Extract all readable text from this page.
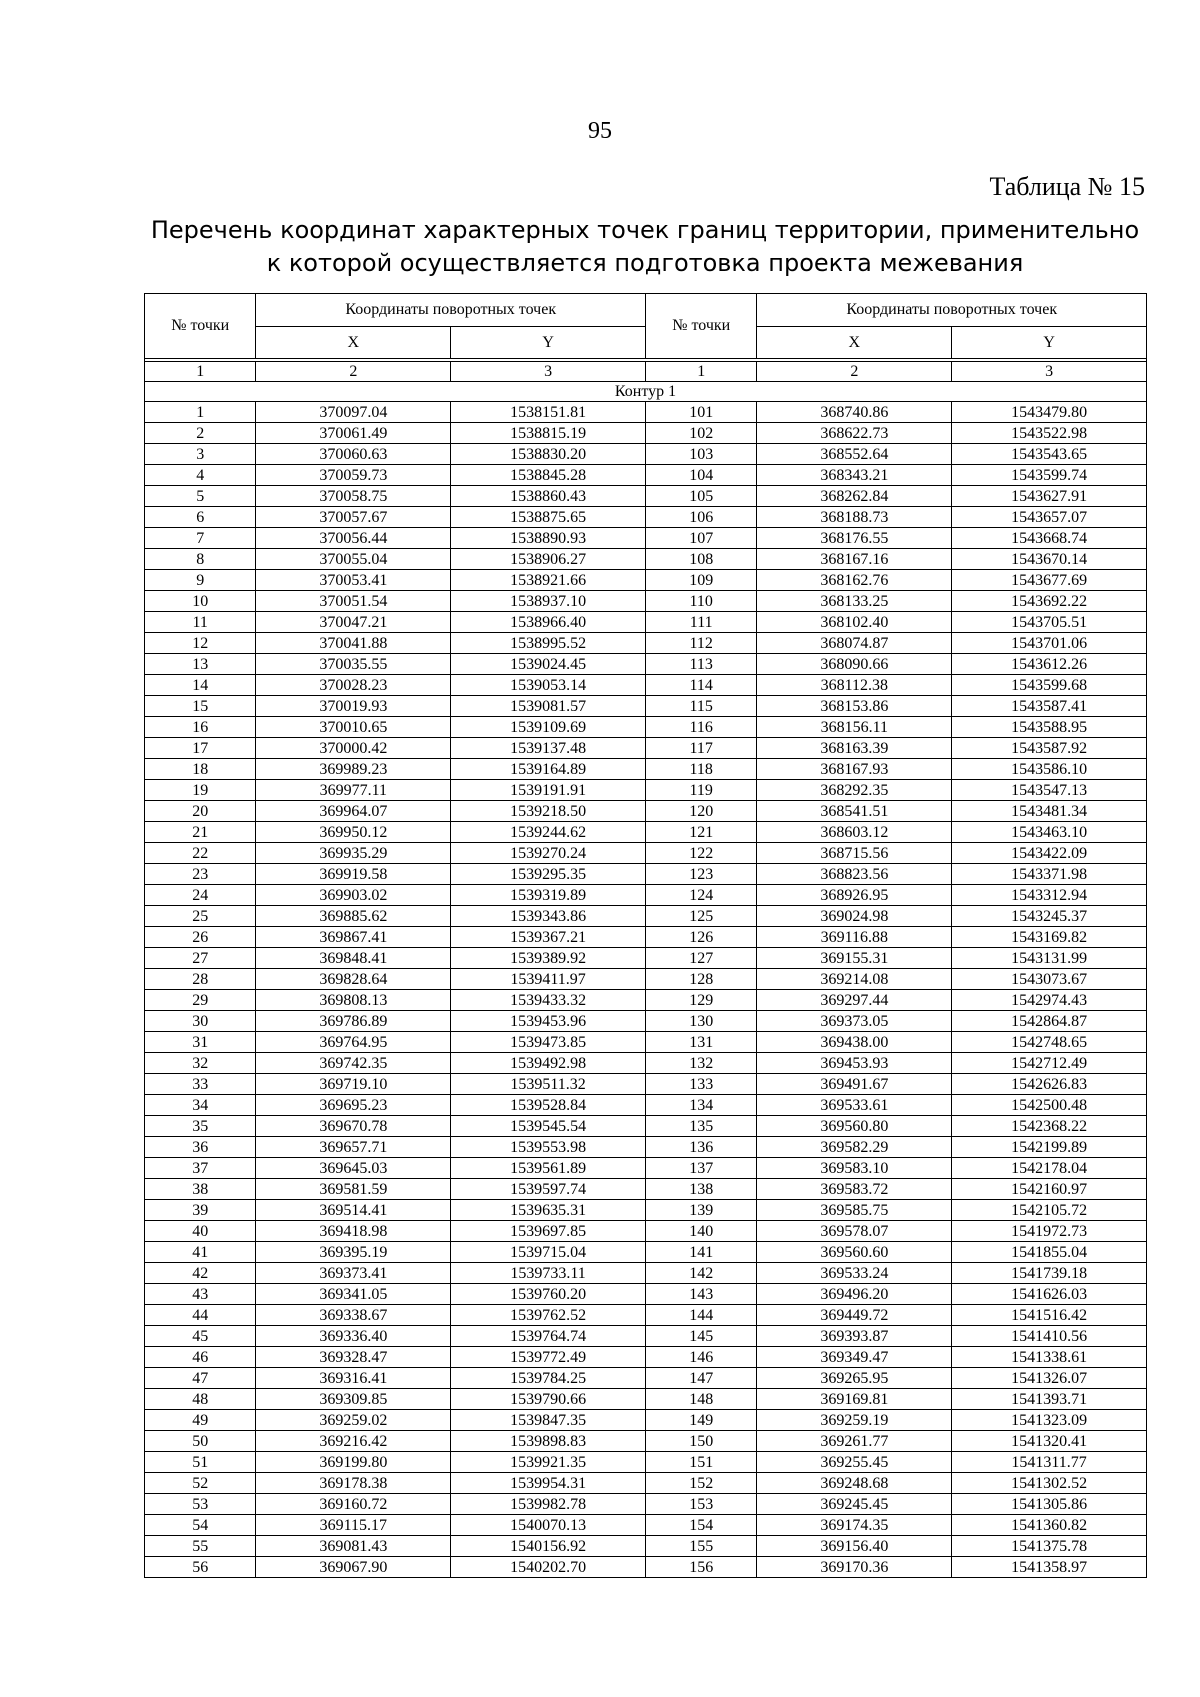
95
Таблица № 15
Перечень координат характерных точек границ территории, применительно
к которой осуществляется подготовка проекта межевания
№ точки	Координаты поворотных точек		№ точки	Координаты поворотных точек	
	X	Y		X	Y

1	2	3	1	2	3
Контур 1					
1	370097.04	1538151.81	101	368740.86	1543479.80
2	370061.49	1538815.19	102	368622.73	1543522.98
3	370060.63	1538830.20	103	368552.64	1543543.65
4	370059.73	1538845.28	104	368343.21	1543599.74
5	370058.75	1538860.43	105	368262.84	1543627.91
6	370057.67	1538875.65	106	368188.73	1543657.07
7	370056.44	1538890.93	107	368176.55	1543668.74
8	370055.04	1538906.27	108	368167.16	1543670.14
9	370053.41	1538921.66	109	368162.76	1543677.69
10	370051.54	1538937.10	110	368133.25	1543692.22
11	370047.21	1538966.40	111	368102.40	1543705.51
12	370041.88	1538995.52	112	368074.87	1543701.06
13	370035.55	1539024.45	113	368090.66	1543612.26
14	370028.23	1539053.14	114	368112.38	1543599.68
15	370019.93	1539081.57	115	368153.86	1543587.41
16	370010.65	1539109.69	116	368156.11	1543588.95
17	370000.42	1539137.48	117	368163.39	1543587.92
18	369989.23	1539164.89	118	368167.93	1543586.10
19	369977.11	1539191.91	119	368292.35	1543547.13
20	369964.07	1539218.50	120	368541.51	1543481.34
21	369950.12	1539244.62	121	368603.12	1543463.10
22	369935.29	1539270.24	122	368715.56	1543422.09
23	369919.58	1539295.35	123	368823.56	1543371.98
24	369903.02	1539319.89	124	368926.95	1543312.94
25	369885.62	1539343.86	125	369024.98	1543245.37
26	369867.41	1539367.21	126	369116.88	1543169.82
27	369848.41	1539389.92	127	369155.31	1543131.99
28	369828.64	1539411.97	128	369214.08	1543073.67
29	369808.13	1539433.32	129	369297.44	1542974.43
30	369786.89	1539453.96	130	369373.05	1542864.87
31	369764.95	1539473.85	131	369438.00	1542748.65
32	369742.35	1539492.98	132	369453.93	1542712.49
33	369719.10	1539511.32	133	369491.67	1542626.83
34	369695.23	1539528.84	134	369533.61	1542500.48
35	369670.78	1539545.54	135	369560.80	1542368.22
36	369657.71	1539553.98	136	369582.29	1542199.89
37	369645.03	1539561.89	137	369583.10	1542178.04
38	369581.59	1539597.74	138	369583.72	1542160.97
39	369514.41	1539635.31	139	369585.75	1542105.72
40	369418.98	1539697.85	140	369578.07	1541972.73
41	369395.19	1539715.04	141	369560.60	1541855.04
42	369373.41	1539733.11	142	369533.24	1541739.18
43	369341.05	1539760.20	143	369496.20	1541626.03
44	369338.67	1539762.52	144	369449.72	1541516.42
45	369336.40	1539764.74	145	369393.87	1541410.56
46	369328.47	1539772.49	146	369349.47	1541338.61
47	369316.41	1539784.25	147	369265.95	1541326.07
48	369309.85	1539790.66	148	369169.81	1541393.71
49	369259.02	1539847.35	149	369259.19	1541323.09
50	369216.42	1539898.83	150	369261.77	1541320.41
51	369199.80	1539921.35	151	369255.45	1541311.77
52	369178.38	1539954.31	152	369248.68	1541302.52
53	369160.72	1539982.78	153	369245.45	1541305.86
54	369115.17	1540070.13	154	369174.35	1541360.82
55	369081.43	1540156.92	155	369156.40	1541375.78
56	369067.90	1540202.70	156	369170.36	1541358.97
